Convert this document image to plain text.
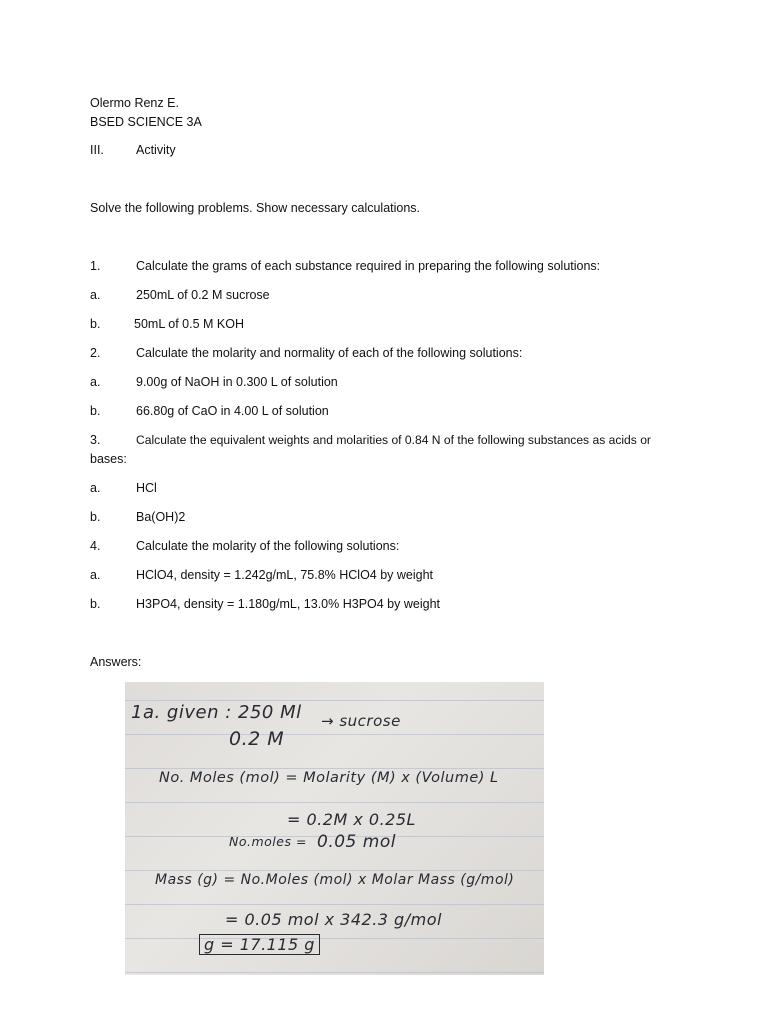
Olermo Renz E.
BSED SCIENCE 3A
III.	Activity
Solve the following problems. Show necessary calculations.
1.	Calculate the grams of each substance required in preparing the following solutions:
a.	250mL of 0.2 M sucrose
b.	50mL of 0.5 M KOH
2.	Calculate the molarity and normality of each of the following solutions:
a.	9.00g of NaOH in 0.300 L of solution
b.	66.80g of CaO in 4.00 L of solution
3.	Calculate the equivalent weights and molarities of 0.84 N of the following substances as acids or
bases:
a.	HCl
b.	Ba(OH)2
4.	Calculate the molarity of the following solutions:
a.	HClO4, density = 1.242g/mL, 75.8% HClO4 by weight
b.	H3PO4, density = 1.180g/mL, 13.0% H3PO4 by weight
Answers:
1a. given : 250 Ml → sucrose
0.2 M
No. Moles (mol) = Molarity (M) x (Volume) L
= 0.2M x 0.25L
No.moles = 0.05 mol
Mass (g) = No.Moles (mol) x Molar Mass (g/mol)
= 0.05 mol x 342.3 g/mol
g = 17.115 g
